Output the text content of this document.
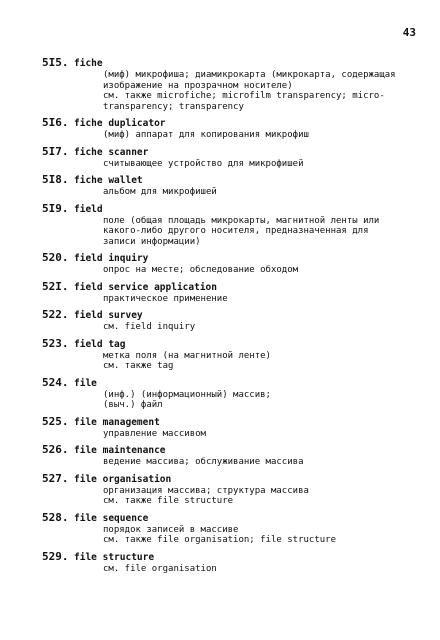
43
5I5. fiche
(миф) микрофиша; диамикрокарта (микрокарта, содержащая изображение на прозрачном носителе)
см. также microfiche; microfilm transparency; micro-transparency; transparency
5I6. fiche duplicator
(миф) аппарат для копирования микрофиш
5I7. fiche scanner
считывающее устройство для микрофишей
5I8. fiche wallet
альбом для микрофишей
5I9. field
поле (общая площадь микрокарты, магнитной ленты или какого-либо другого носителя, предназначенная для записи информации)
520. field inquiry
опрос на месте; обследование обходом
52I. field service application
практическое применение
522. field survey
см. field inquiry
523. field tag
метка поля (на магнитной ленте)
см. также tag
524. file
(инф.) (информационный) массив;
(выч.) файл
525. file management
управление массивом
526. file maintenance
ведение массива; обслуживание массива
527. file organisation
организация массива; структура массива
см. также file structure
528. file sequence
порядок записей в массиве
см. также file organisation; file structure
529. file structure
см. file organisation
